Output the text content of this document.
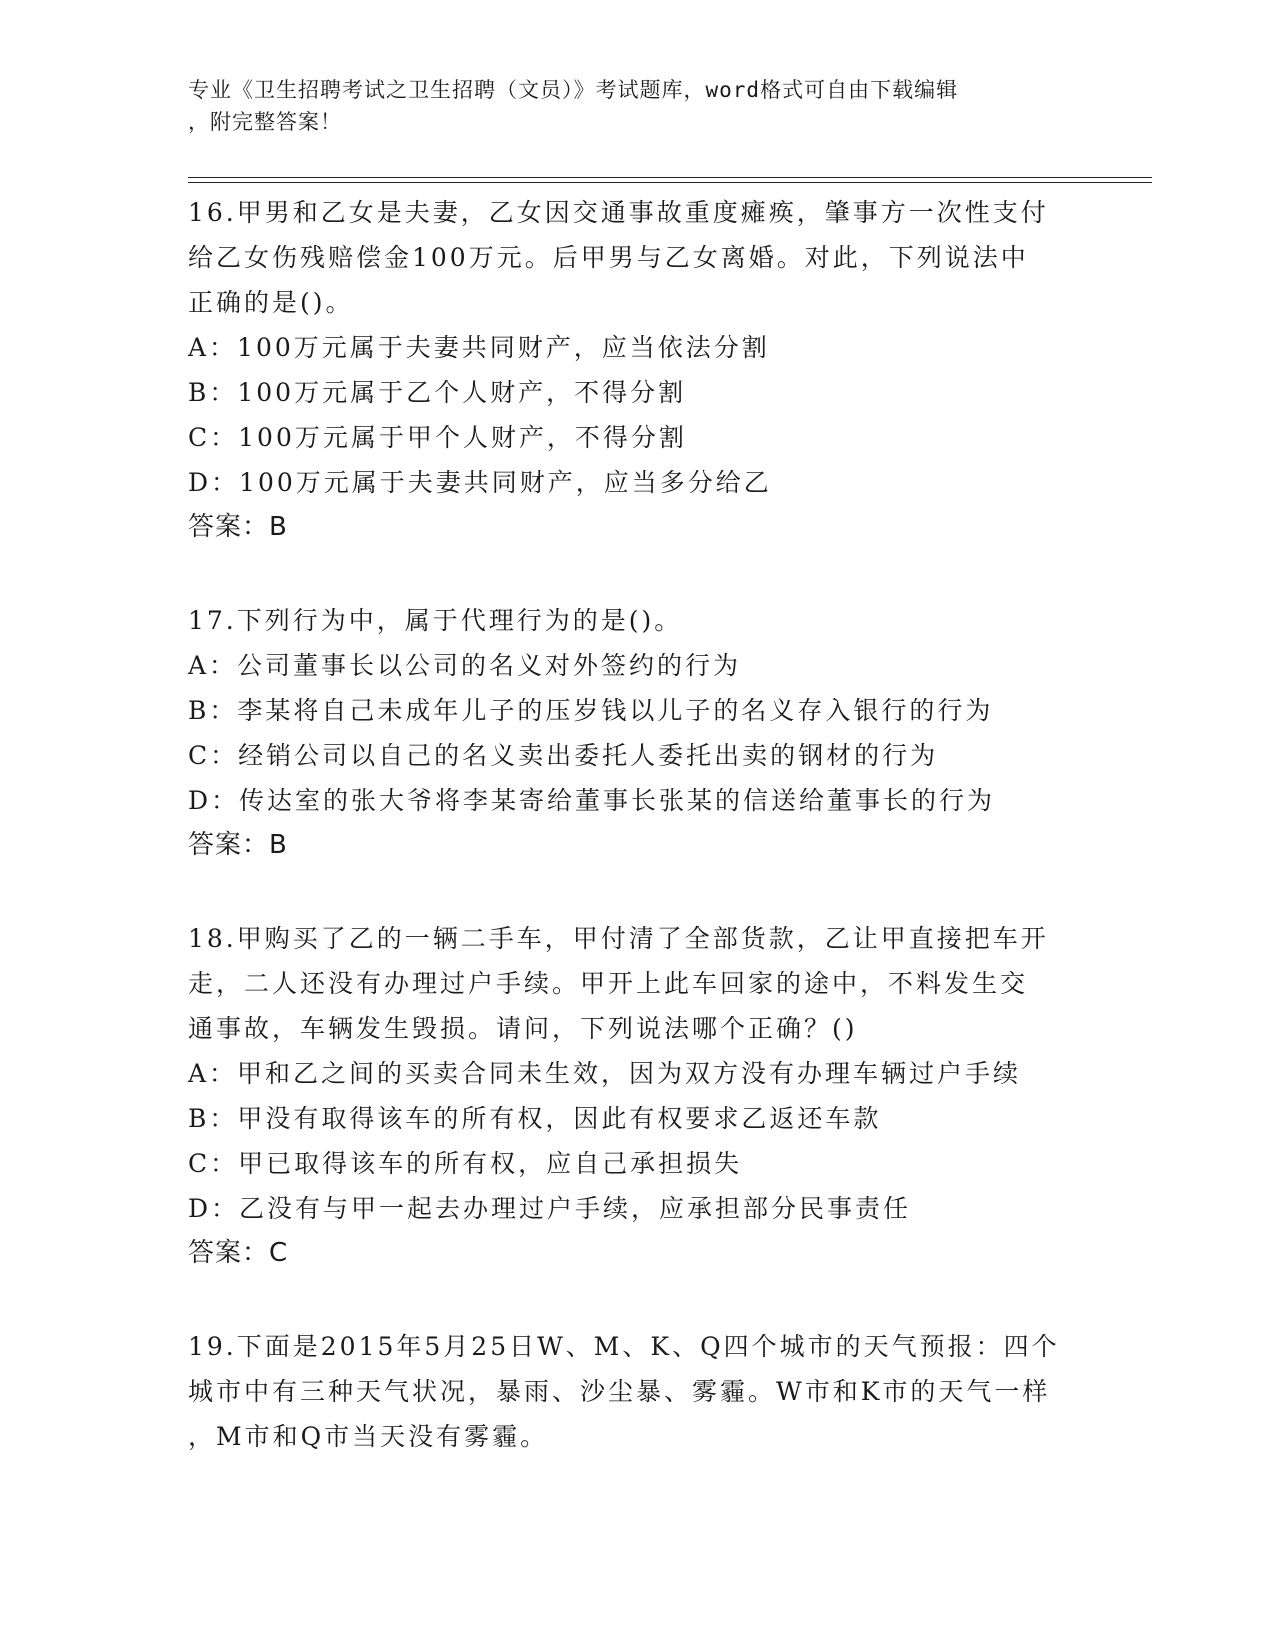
专业《卫生招聘考试之卫生招聘（文员）》考试题库，word格式可自由下载编辑
，附完整答案！
16.甲男和乙女是夫妻，乙女因交通事故重度瘫痪，肇事方一次性支付
给乙女伤残赔偿金100万元。后甲男与乙女离婚。对此，下列说法中
正确的是()。
A：100万元属于夫妻共同财产，应当依法分割
B：100万元属于乙个人财产，不得分割
C：100万元属于甲个人财产，不得分割
D：100万元属于夫妻共同财产，应当多分给乙
答案：B
17.下列行为中，属于代理行为的是()。
A：公司董事长以公司的名义对外签约的行为
B：李某将自己未成年儿子的压岁钱以儿子的名义存入银行的行为
C：经销公司以自己的名义卖出委托人委托出卖的钢材的行为
D：传达室的张大爷将李某寄给董事长张某的信送给董事长的行为
答案：B
18.甲购买了乙的一辆二手车，甲付清了全部货款，乙让甲直接把车开
走，二人还没有办理过户手续。甲开上此车回家的途中，不料发生交
通事故，车辆发生毁损。请问，下列说法哪个正确？()
A：甲和乙之间的买卖合同未生效，因为双方没有办理车辆过户手续
B：甲没有取得该车的所有权，因此有权要求乙返还车款
C：甲已取得该车的所有权，应自己承担损失
D：乙没有与甲一起去办理过户手续，应承担部分民事责任
答案：C
19.下面是2015年5月25日W、M、K、Q四个城市的天气预报：四个
城市中有三种天气状况，暴雨、沙尘暴、雾霾。W市和K市的天气一样
，M市和Q市当天没有雾霾。
